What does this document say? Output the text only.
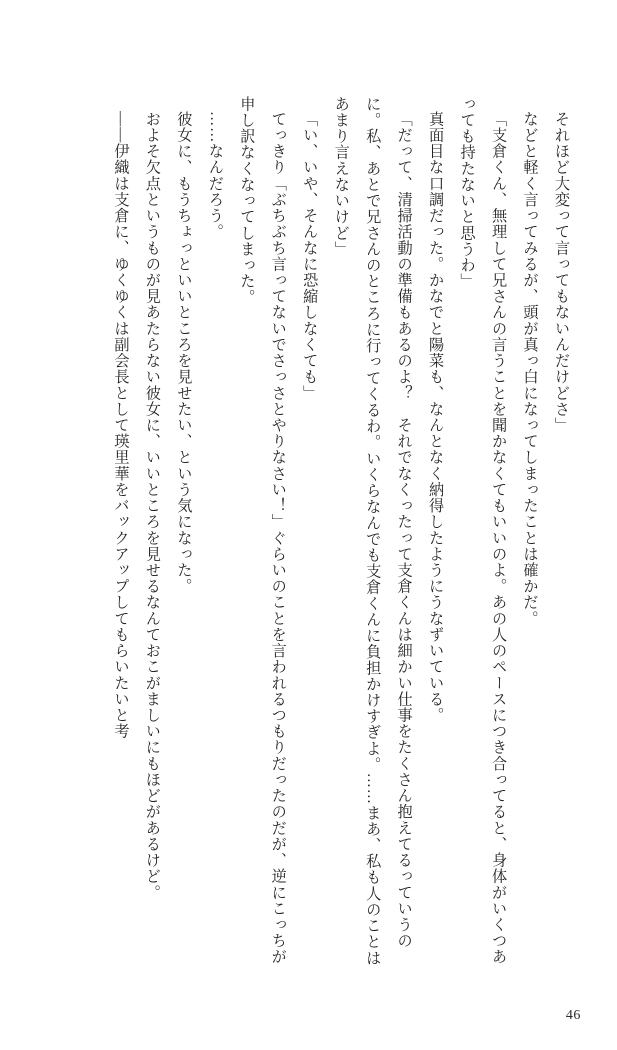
それほど大変って言ってもないんだけどさ」

などと軽く言ってみるが、頭が真っ白になってしまったことは確かだ。

「支倉くん、無理して兄さんの言うことを聞かなくてもいいのよ。あの人のペースにつき合ってると、身体がいくつあっても持たないと思うわ」

真面目な口調だった。かなでと陽菜も、なんとなく納得したようにうなずいている。

「だって、清掃活動の準備もあるのよ？　それでなくったって支倉くんは細かい仕事をたくさん抱えてるっていうのに。私、あとで兄さんのところに行ってくるわ。いくらなんでも支倉くんに負担かけすぎよ。……まあ、私も人のことはあまり言えないけど」

「い、いや、そんなに恐縮しなくても」

てっきり「ぶちぶち言ってないでさっさとやりなさい！」ぐらいのことを言われるつもりだったのだが、逆にこっちが申し訳なくなってしまった。

……なんだろう。

彼女に、もうちょっといいところを見せたい、という気になった。

およそ欠点というものが見あたらない彼女に、いいところを見せるなんておこがましいにもほどがあるけど。

――伊織は支倉に、ゆくゆくは副会長として瑛里華をバックアップしてもらいたいと考

46
